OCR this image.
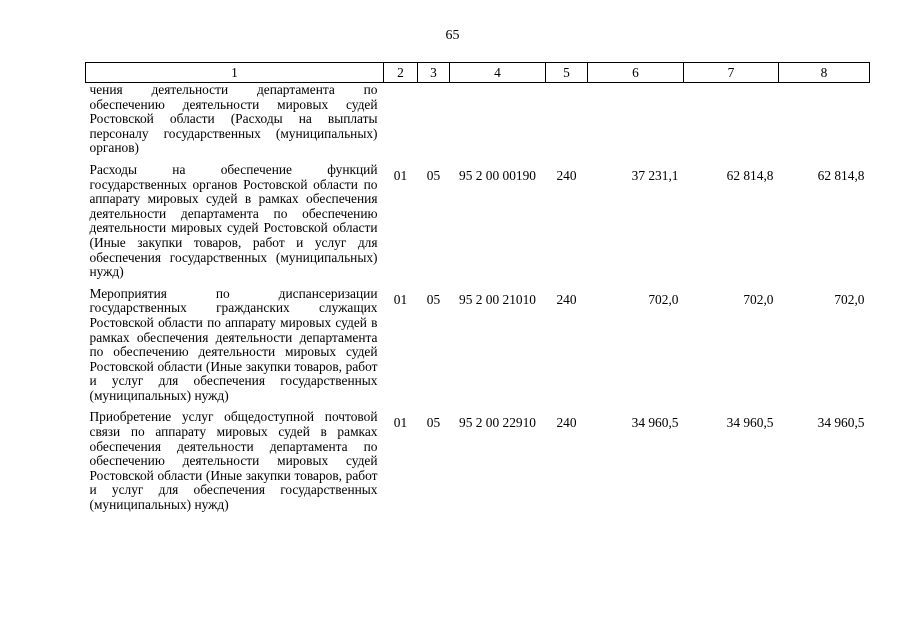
65
1	2	3	4	5	6	7	8
чения деятельности департамента по обеспечению деятельности мировых судей Ростовской области (Расходы на выплаты персоналу государственных (муниципальных) органов)							
Расходы на обеспечение функций государственных органов Ростовской области по аппарату мировых судей в рамках обеспечения деятельности департамента по обеспечению деятельности мировых судей Ростовской области (Иные закупки товаров, работ и услуг для обеспечения государственных (муниципальных) нужд)	01	05	95 2 00 00190	240	37 231,1	62 814,8	62 814,8
Мероприятия по диспансеризации государственных гражданских служащих Ростовской области по аппарату мировых судей в рамках обеспечения деятельности департамента по обеспечению деятельности мировых судей Ростовской области (Иные закупки товаров, работ и услуг для обеспечения государственных (муниципальных) нужд)	01	05	95 2 00 21010	240	702,0	702,0	702,0
Приобретение услуг общедоступной почтовой связи по аппарату мировых судей в рамках обеспечения деятельности департамента по обеспечению деятельности мировых судей Ростовской области (Иные закупки товаров, работ и услуг для обеспечения государственных (муниципальных) нужд)	01	05	95 2 00 22910	240	34 960,5	34 960,5	34 960,5
